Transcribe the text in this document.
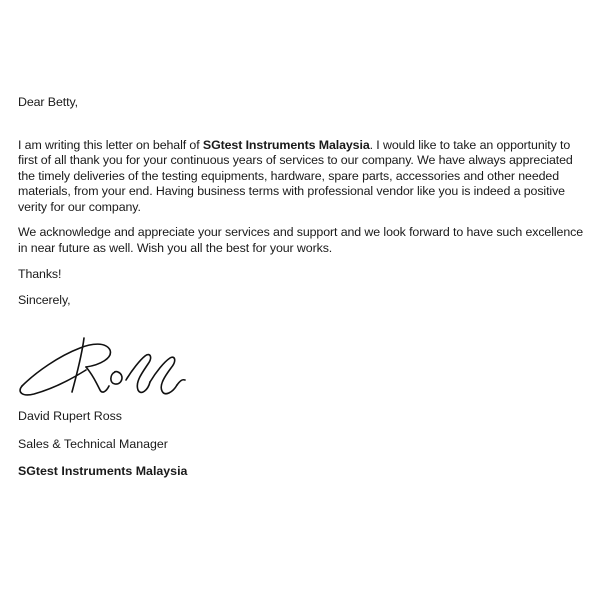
Dear Betty,

I am writing this letter on behalf of SGtest Instruments Malaysia. I would like to take an opportunity to first of all thank you for your continuous years of services to our company. We have always appreciated the timely deliveries of the testing equipments, hardware, spare parts, accessories and other needed materials, from your end. Having business terms with professional vendor like you is indeed a positive verity for our company.

We acknowledge and appreciate your services and support and we look forward to have such excellence in near future as well. Wish you all the best for your works.

Thanks!

Sincerely,

David Rupert Ross
Sales & Technical Manager
SGtest Instruments Malaysia
